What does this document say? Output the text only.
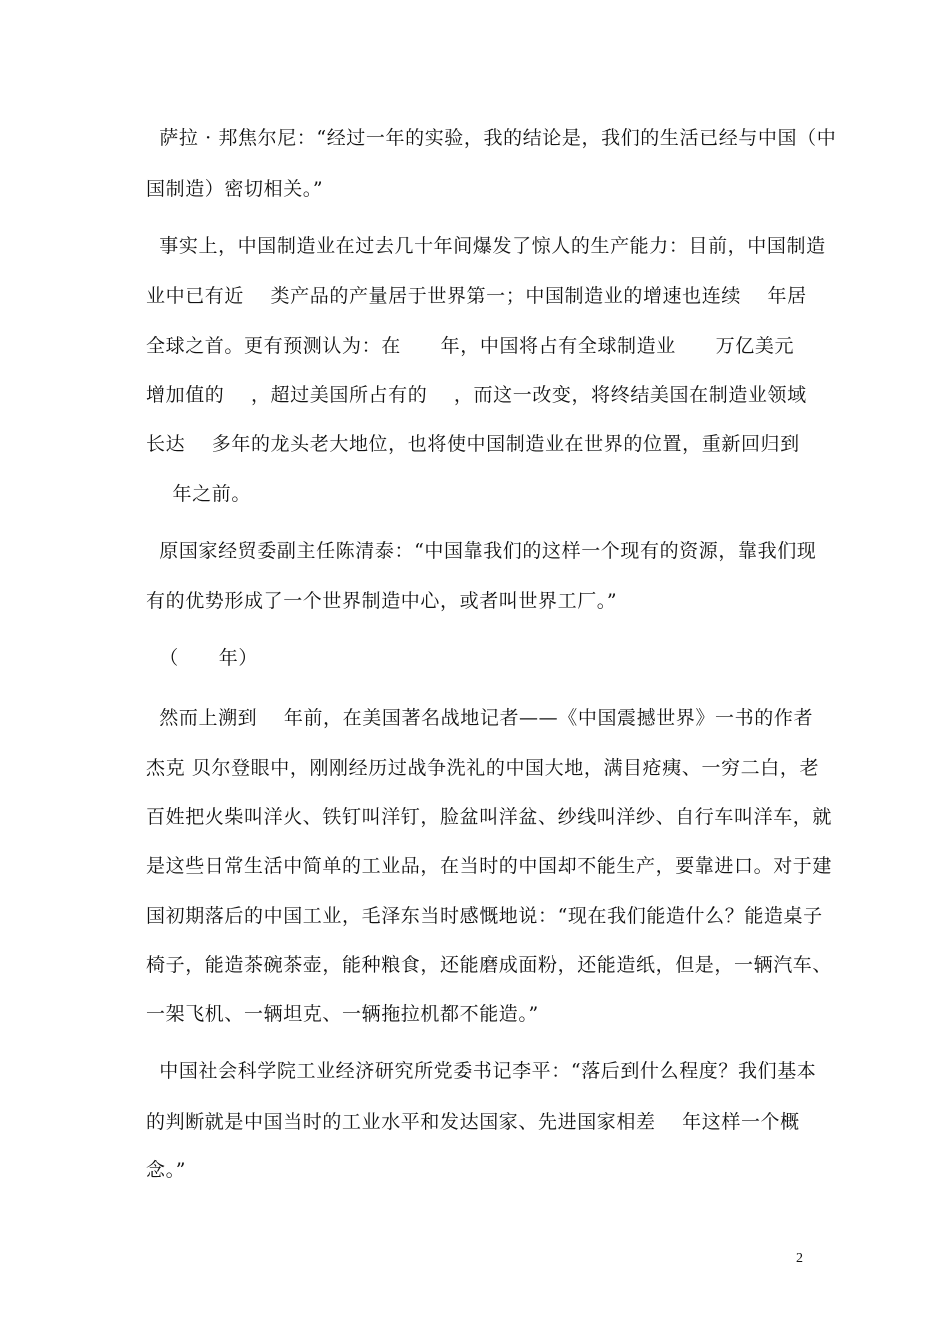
萨拉 · 邦焦尔尼：“经过一年的实验，我的结论是，我们的生活已经与中国（中

国制造）密切相关。”

事实上，中国制造业在过去几十年间爆发了惊人的生产能力：目前，中国制造

业中已有近    类产品的产量居于世界第一；中国制造业的增速也连续    年居

全球之首。更有预测认为：在      年，中国将占有全球制造业      万亿美元

增加值的    ，超过美国所占有的    ，而这一改变，将终结美国在制造业领域

长达    多年的龙头老大地位，也将使中国制造业在世界的位置，重新回归到

年之前。

原国家经贸委副主任陈清泰：“中国靠我们的这样一个现有的资源，靠我们现

有的优势形成了一个世界制造中心，或者叫世界工厂。”

（      年）

然而上溯到    年前，在美国著名战地记者——《中国震撼世界》一书的作者

杰克 贝尔登眼中，刚刚经历过战争洗礼的中国大地，满目疮痍、一穷二白，老

百姓把火柴叫洋火、铁钉叫洋钉，脸盆叫洋盆、纱线叫洋纱、自行车叫洋车，就

是这些日常生活中简单的工业品，在当时的中国却不能生产，要靠进口。对于建

国初期落后的中国工业，毛泽东当时感慨地说：“现在我们能造什么？能造桌子

椅子，能造茶碗茶壶，能种粮食，还能磨成面粉，还能造纸，但是，一辆汽车、

一架飞机、一辆坦克、一辆拖拉机都不能造。”

中国社会科学院工业经济研究所党委书记李平：“落后到什么程度？我们基本

的判断就是中国当时的工业水平和发达国家、先进国家相差    年这样一个概

念。”

2
